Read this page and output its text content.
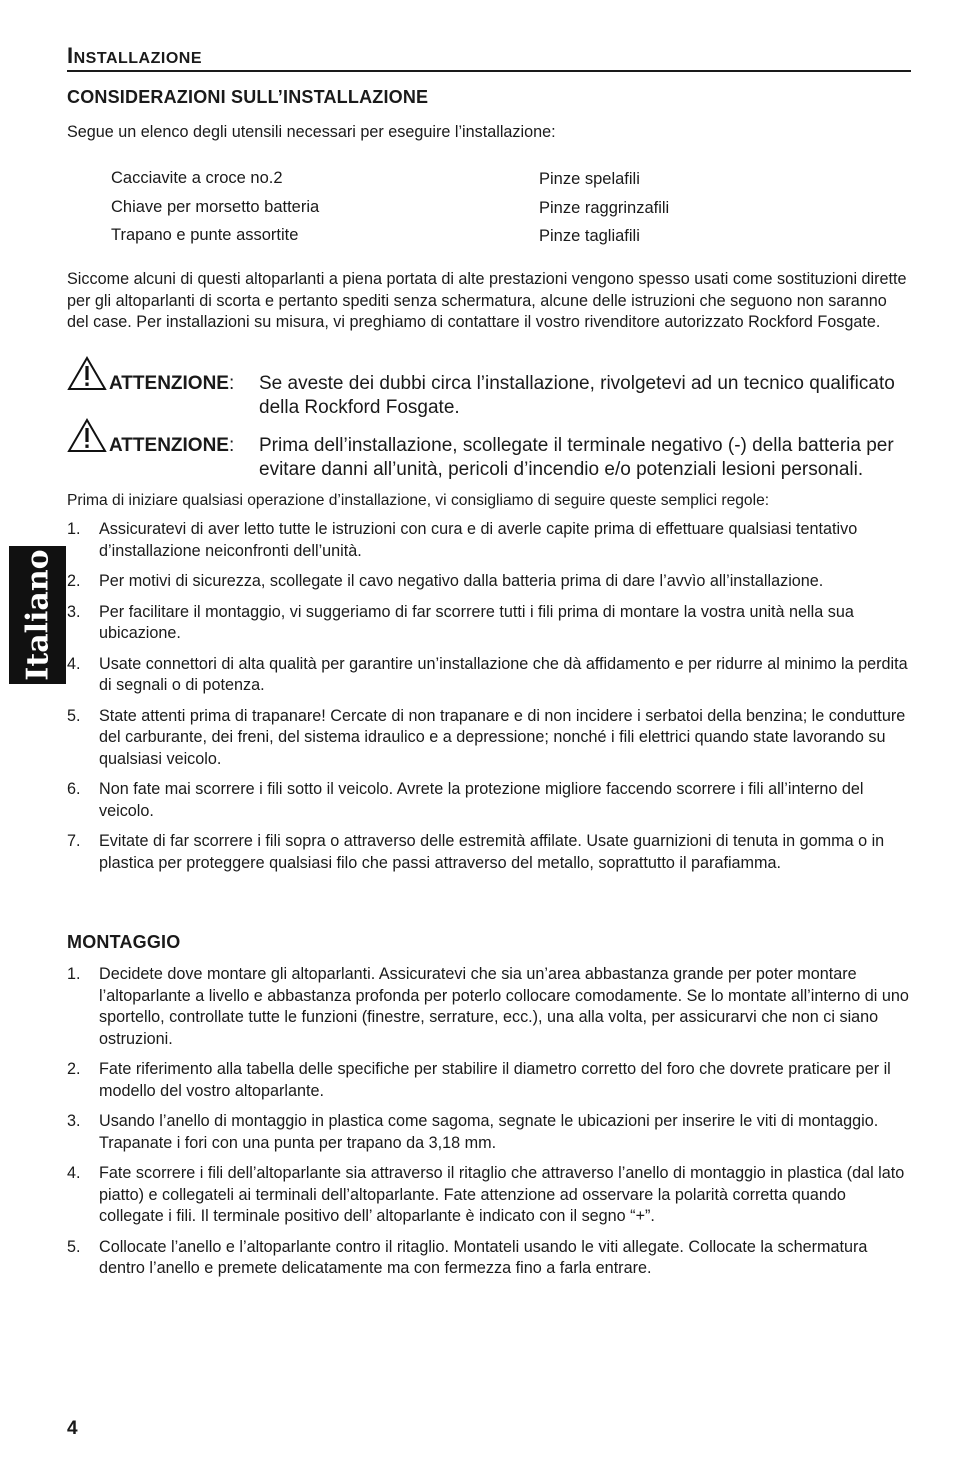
Italiano
INSTALLAZIONE
CONSIDERAZIONI SULL’INSTALLAZIONE
Segue un elenco degli utensili necessari per eseguire l’installazione:
Cacciavite a croce no.2
Chiave per morsetto batteria
Trapano e punte assortite
Pinze spelafili
Pinze raggrinzafili
Pinze tagliafili
Siccome alcuni di questi altoparlanti a piena portata di alte prestazioni vengono spesso usati come sostituzioni dirette per gli altoparlanti di scorta e pertanto spediti senza schermatura, alcune delle istruzioni che seguono non saranno del case. Per installazioni su misura, vi preghiamo di contattare il vostro rivenditore autorizzato Rockford Fosgate.
ATTENZIONE: Se aveste dei dubbi circa l’installazione, rivolgetevi ad un tecnico qualificato della Rockford Fosgate.
ATTENZIONE: Prima dell’installazione, scollegate il terminale negativo (-) della batteria per evitare danni all’unità, pericoli d’incendio e/o potenziali lesioni personali.
Prima di iniziare qualsiasi operazione d’installazione, vi consigliamo di seguire queste semplici regole:
1. Assicuratevi di aver letto tutte le istruzioni con cura e di averle capite prima di effettuare qualsiasi tentativo d’installazione neiconfronti dell’unità.
2. Per motivi di sicurezza, scollegate il cavo negativo dalla batteria prima di dare l’avvìo all’installazione.
3. Per facilitare il montaggio, vi suggeriamo di far scorrere tutti i fili prima di montare la vostra unità nella sua ubicazione.
4. Usate connettori di alta qualità per garantire un’installazione che dà affidamento e per ridurre al minimo la perdita di segnali o di potenza.
5. State attenti prima di trapanare! Cercate di non trapanare e di non incidere i serbatoi della benzina; le condutture del carburante, dei freni, del sistema idraulico e a depressione; nonché i fili elettrici quando state lavorando su qualsiasi veicolo.
6. Non fate mai scorrere i fili sotto il veicolo. Avrete la protezione migliore faccendo scorrere i fili all’interno del veicolo.
7. Evitate di far scorrere i fili sopra o attraverso delle estremità affilate. Usate guarnizioni di tenuta in gomma o in plastica per proteggere qualsiasi filo che passi attraverso del metallo, soprattutto il parafiamma.
MONTAGGIO
1. Decidete dove montare gli altoparlanti. Assicuratevi che sia un’area abbastanza grande per poter montare l’altoparlante a livello e abbastanza profonda per poterlo collocare comodamente. Se lo montate all’interno di uno sportello, controllate tutte le funzioni (finestre, serrature, ecc.), una alla volta, per assicurarvi che non ci siano ostruzioni.
2. Fate riferimento alla tabella delle specifiche per stabilire il diametro corretto del foro che dovrete praticare per il modello del vostro altoparlante.
3. Usando l’anello di montaggio in plastica come sagoma, segnate le ubicazioni per inserire le viti di montaggio. Trapanate i fori con una punta per trapano da 3,18 mm.
4. Fate scorrere i fili dell’altoparlante sia attraverso il ritaglio che attraverso l’anello di montaggio in plastica (dal lato piatto) e collegateli ai terminali dell’altoparlante. Fate attenzione ad osservare la polarità corretta quando collegate i fili. Il terminale positivo dell’ altoparlante è indicato con il segno “+”.
5. Collocate l’anello e l’altoparlante contro il ritaglio. Montateli usando le viti allegate. Collocate la schermatura dentro l’anello e premete delicatamente ma con fermezza fino a farla entrare.
4
